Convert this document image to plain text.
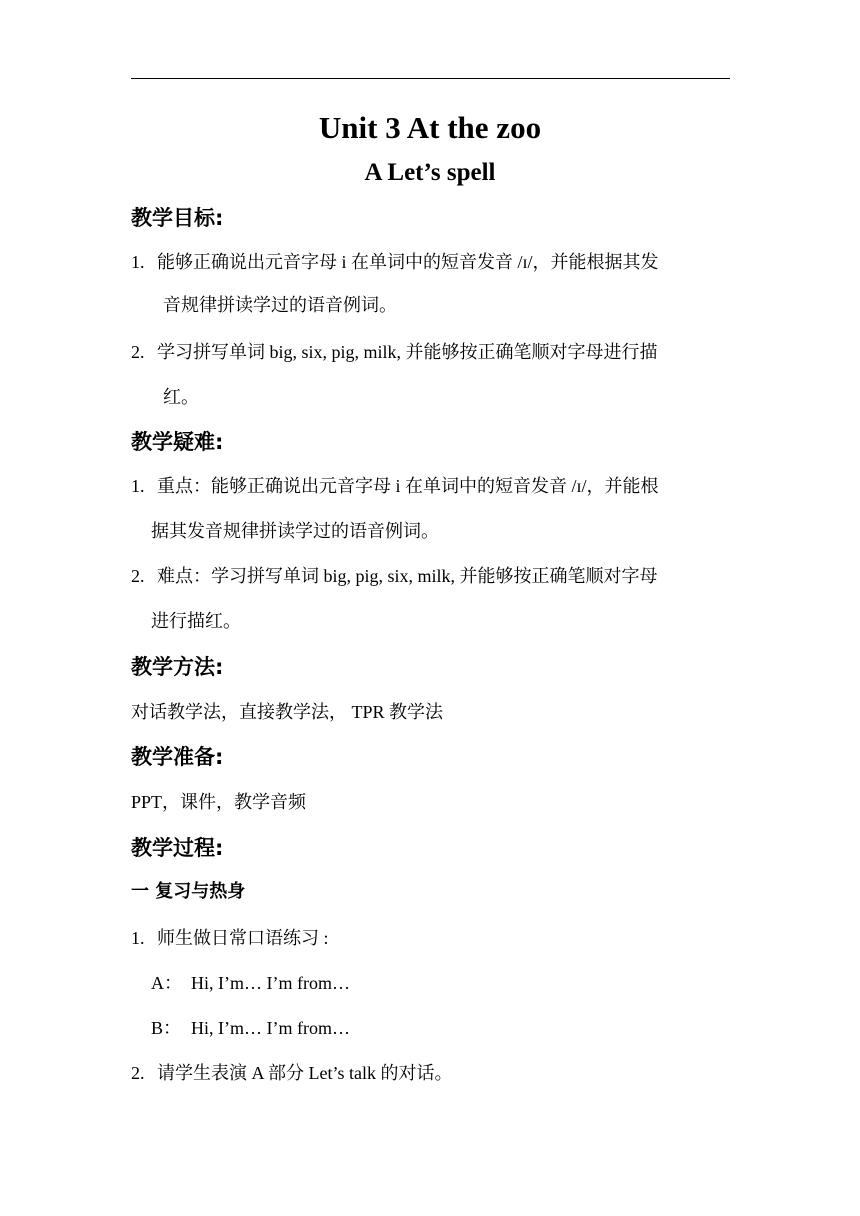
Unit 3 At the zoo
A Let’s spell
教学目标:
1. 能够正确说出元音字母 i 在单词中的短音发音 /ɪ/，并能根据其发
音规律拼读学过的语音例词。
2. 学习拼写单词 big, six, pig, milk, 并能够按正确笔顺对字母进行描
红。
教学疑难:
1. 重点：能够正确说出元音字母 i 在单词中的短音发音 /ɪ/，并能根
据其发音规律拼读学过的语音例词。
2. 难点：学习拼写单词 big, pig, six, milk, 并能够按正确笔顺对字母
进行描红。
教学方法:
对话教学法，直接教学法， TPR 教学法
教学准备:
PPT，课件，教学音频
教学过程:
一 复习与热身
1. 师生做日常口语练习 :
A： Hi, I’m… I’m from…
B： Hi, I’m… I’m from…
2. 请学生表演 A 部分 Let’s talk 的对话。
